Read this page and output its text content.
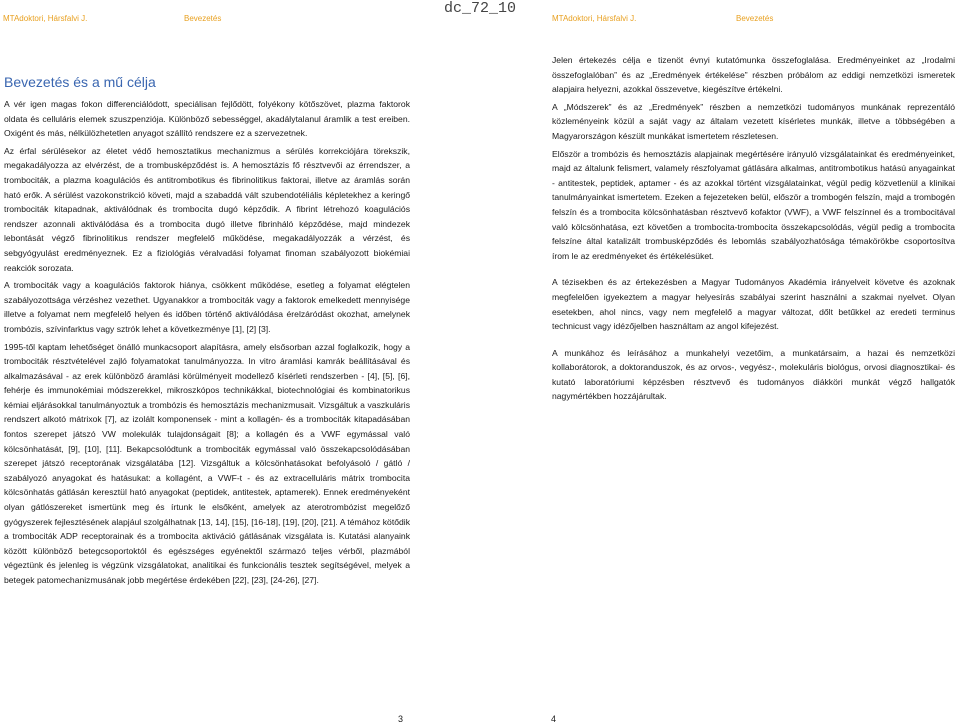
dc_72_10
MTAdoktori, Hársfalvi J.	Bevezetés	MTAdoktori, Hársfalvi J.	Bevezetés
Bevezetés és a mű célja

A vér igen magas fokon differenciálódott, speciálisan fejlődött, folyékony kötőszövet, plazma faktorok oldata és celluláris elemek szuszpenziója. Különböző sebességgel, akadálytalanul áramlik a test ereiben. Oxigént és más, nélkülözhetetlen anyagot szállító rendszere ez a szervezetnek.

Az érfal sérülésekor az életet védő hemosztatikus mechanizmus a sérülés korrekciójára törekszik, megakadályozza az elvérzést, de a trombusképződést is. A hemosztázis fő résztvevői az érrendszer, a trombociták, a plazma koagulációs és antitrombotikus és fibrinolitikus faktorai, illetve az áramlás során ható erők. A sérülést vazokonstrikció követi, majd a szabaddá vált szubendotéliális képletekhez a keringő trombociták kitapadnak, aktiválódnak és trombocita dugó képződik. A fibrint létrehozó koagulációs rendszer azonnali aktiválódása és a trombocita dugó illetve fibrinháló képződése, majd mindezek lebontását végző fibrinolitikus rendszer megfelelő működése, megakadályozzák a vérzést, és sebgyógyulást eredményeznek. Ez a fiziológiás véralvadási folyamat finoman szabályozott biokémiai reakciók sorozata.

A trombociták vagy a koagulációs faktorok hiánya, csökkent működése, esetleg a folyamat elégtelen szabályozottsága vérzéshez vezethet. Ugyanakkor a trombociták vagy a faktorok emelkedett mennyisége illetve a folyamat nem megfelelő helyen és időben történő aktiválódása érelzáródást okozhat, amelynek trombózis, szívinfarktus vagy sztrók lehet a következménye [1], [2] [3].

1995-től kaptam lehetőséget önálló munkacsoport alapításra, amely elsősorban azzal foglalkozik, hogy a trombociták résztvételével zajló folyamatokat tanulmányozza. In vitro áramlási kamrák beállításával és alkalmazásával - az erek különböző áramlási körülményeit modellező kísérleti rendszerben - [4], [5], [6], fehérje és immunokémiai módszerekkel, mikroszkópos technikákkal, biotechnológiai és kombinatorikus kémiai eljárásokkal tanulmányoztuk a trombózis és hemosztázis mechanizmusait. Vizsgáltuk a vaszkuláris rendszert alkotó mátrixok [7], az izolált komponensek - mint a kollagén- és a trombociták kitapadásában fontos szerepet játszó VW molekulák tulajdonságait [8]; a kollagén és a VWF egymással való kölcsönhatását, [9], [10], [11]. Bekapcsolódtunk a trombociták egymással való összekapcsolódásában szerepet játszó receptorának vizsgálatába [12]. Vizsgáltuk a kölcsönhatásokat befolyásoló / gátló / szabályozó anyagokat és hatásukat: a kollagént, a VWF-t - és az extracelluláris mátrix trombocita kölcsönhatás gátlásán keresztül ható anyagokat (peptidek, antitestek, aptamerek). Ennek eredményeként olyan gátlószereket ismertünk meg és írtunk le elsőként, amelyek az aterotrombózist megelőző gyógyszerek fejlesztésének alapjául szolgálhatnak [13, 14], [15], [16-18], [19], [20], [21]. A témához kötődik a trombociták ADP receptorainak és a trombocita aktiváció gátlásának vizsgálata is. Kutatási alanyaink között különböző betegcsoportoktól és egészséges egyénektől származó teljes vérből, plazmából végeztünk és jelenleg is végzünk vizsgálatokat, analitikai és funkcionális tesztek segítségével, melyek a betegek patomechanizmusának jobb megértése érdekében [22], [23], [24-26], [27].

Jelen értekezés célja e tizenöt évnyi kutatómunka összefoglalása. Eredményeinket az „Irodalmi összefoglalóban” és az „Eredmények értékelése” részben próbálom az eddigi nemzetközi ismeretek alapjaira helyezni, azokkal összevetve, kiegészítve értékelni.

A „Módszerek” és az „Eredmények” részben a nemzetközi tudományos munkának reprezentáló közleményeink közül a saját vagy az általam vezetett kísérletes munkák, illetve a többségében a Magyarországon készült munkákat ismertetem részletesen.

Először a trombózis és hemosztázis alapjainak megértésére irányuló vizsgálatainkat és eredményeinket, majd az általunk felismert, valamely részfolyamat gátlására alkalmas, antitrombotikus hatású anyagainkat - antitestek, peptidek, aptamer - és az azokkal történt vizsgálatainkat, végül pedig közvetlenül a klinikai tanulmányainkat ismertetem. Ezeken a fejezeteken belül, először a trombogén felszín, majd a trombogén felszín és a trombocita kölcsönhatásban résztvevő kofaktor (VWF), a VWF felszínnel és a trombocitával való kölcsönhatása, ezt követően a trombocita-trombocita összekapcsolódás, végül pedig a trombocita felszíne által katalizált trombusképződés és lebomlás szabályozhatósága témakörökbe csoportosítva írom le az eredményeket és értékelésüket.

A tézisekben és az értekezésben a Magyar Tudományos Akadémia irányelveit követve és azoknak megfelelően igyekeztem a magyar helyesírás szabályai szerint használni a szakmai nyelvet. Olyan esetekben, ahol nincs, vagy nem megfelelő a magyar változat, dőlt betűkkel az eredeti terminus technicust vagy idézőjelben használtam az angol kifejezést.

A munkához és leírásához a munkahelyi vezetőim, a munkatársaim, a hazai és nemzetközi kollaborátorok, a doktoranduszok, és az orvos-, vegyész-, molekuláris biológus, orvosi diagnosztikai- és kutató laboratóriumi képzésben résztvevő és tudományos diákköri munkát végző hallgatók nagymértékben hozzájárultak.

3	4
